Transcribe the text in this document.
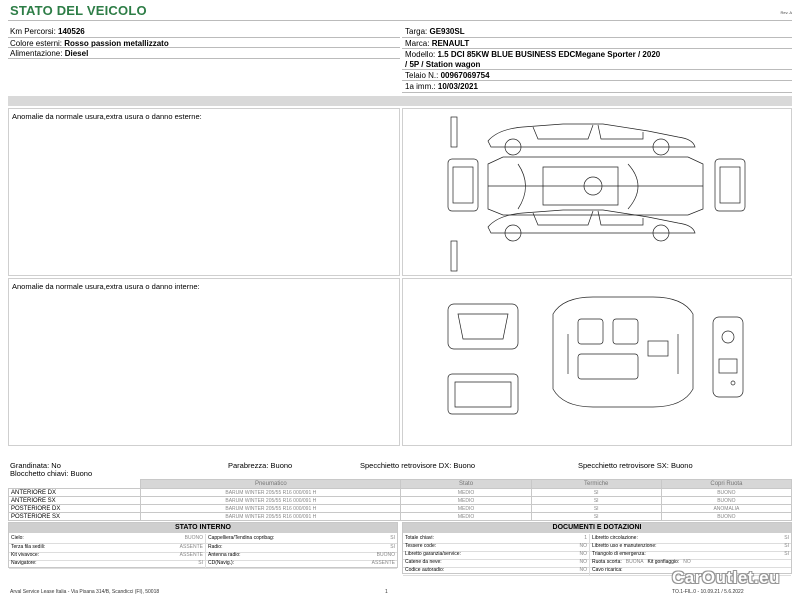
STATO DEL VEICOLO	Rev. A
Km Percorsi: 140526
Colore esterni: Rosso passion metallizzato
Alimentazione: Diesel
Targa: GE930SL
Marca: RENAULT
Modello: 1.5 DCI 85KW BLUE BUSINESS EDCMegane Sporter / 2020
/ 5P / Station wagon
Telaio N.: 00967069754
1a imm.: 10/03/2021
Anomalie da normale usura,extra usura o danno esterne:
Anomalie da normale usura,extra usura o danno interne:
Grandinata: No	Parabrezza: Buono	Specchietto retrovisore DX: Buono	Specchietto retrovisore SX: Buono
Blocchetto chiavi: Buono
	Pneumatico	Stato	Termiche	Copri Ruota
ANTERIORE DX	BARUM WINTER 205/55 R16 000/091 H	MEDIO	SI	BUONO
ANTERIORE SX	BARUM WINTER 205/55 R16 000/091 H	MEDIO	SI	BUONO
POSTERIORE DX	BARUM WINTER 205/55 R16 000/091 H	MEDIO	SI	ANOMALIA
POSTERIORE SX	BARUM WINTER 205/55 R16 000/091 H	MEDIO	SI	BUONO
STATO INTERNO
Cielo:	BUONO
Terza fila sedili:	ASSENTE
Kit vivavoce:	ASSENTE
Navigatore:	SI
Cappelliera/Tendina copribag:	SI
Radio:	SI
Antenna radio:	BUONO
CD(Navig.):	ASSENTE
DOCUMENTI E DOTAZIONI
Totale chiavi:	1
Tessere code:	NO
Libretto garanzia/service:	NO
Catene da neve:	NO
Codice autoradio:	NO
Libretto circolazione:	SI
Libretto uso e manutenzione:	SI
Triangolo di emergenza:	SI
Ruota scorta: BUONA Kit gonfiaggio: NO
Cavo ricarica:
Arval Service Lease Italia - Via Pisana 314/B, Scandicci (FI), 50018	1	TO.1-FIL.0 - 10.09.21 / 5.6.2022
CarOutlet.eu
